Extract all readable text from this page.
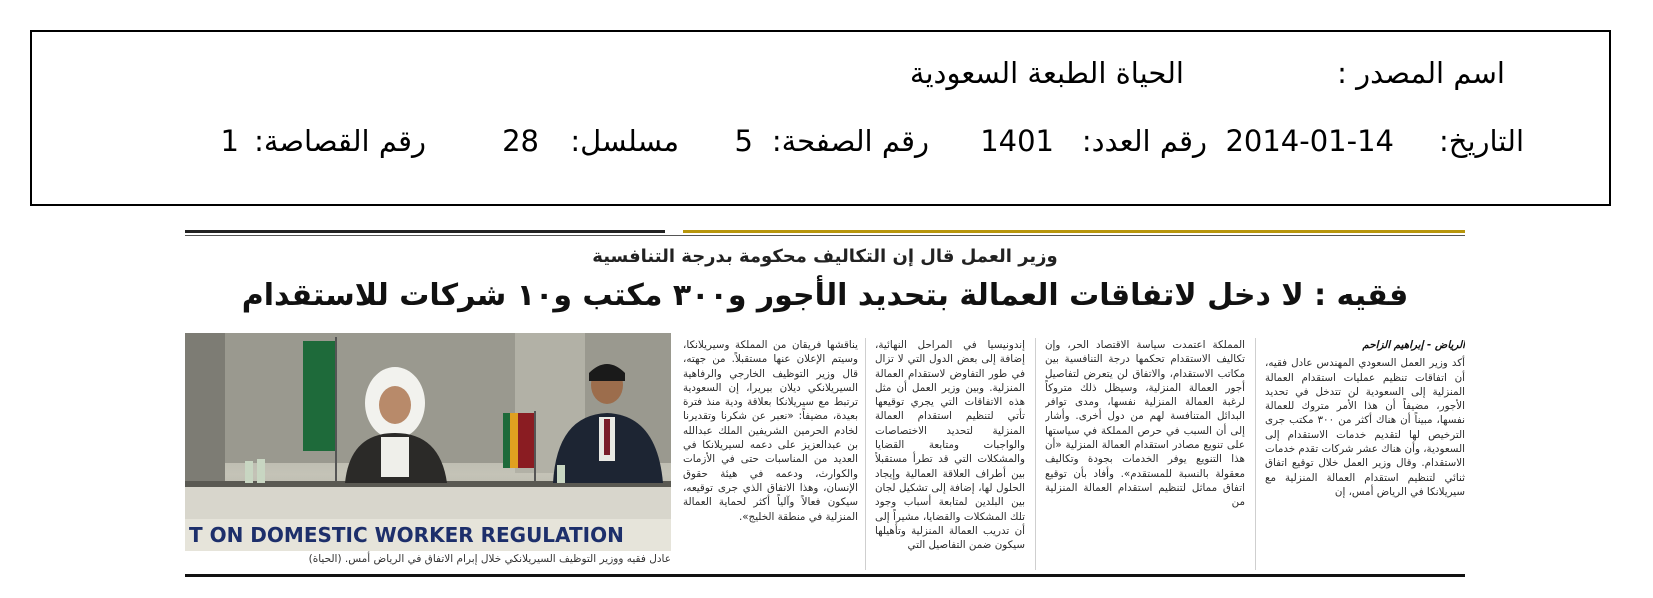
اسم المصدر :
الحياة الطبعة السعودية
التاريخ:
2014-01-14
رقم العدد:
1401
رقم الصفحة:
5
مسلسل:
28
رقم القصاصة:
1
وزير العمل قال إن التكاليف محكومة بدرجة التنافسية
فقيه : لا دخل لاتفاقات العمالة بتحديد الأجور و٣٠٠ مكتب و١٠ شركات للاستقدام

الرياض - إبراهيم الزاحم

أكد وزير العمل السعودي المهندس عادل فقيه، أن اتفاقات تنظيم عمليات استقدام العمالة المنزلية إلى السعودية لن تتدخل في تحديد الأجور، مضيفاً أن هذا الأمر متروك للعمالة نفسها، مبيناً أن هناك أكثر من ٣٠٠ مكتب جرى الترخيص لها لتقديم خدمات الاستقدام إلى السعودية، وأن هناك عشر شركات تقدم خدمات الاستقدام. وقال وزير العمل خلال توقيع اتفاق ثنائي لتنظيم استقدام العمالة المنزلية مع سيريلانكا في الرياض أمس، إن

المملكة اعتمدت سياسة الاقتصاد الحر، وإن تكاليف الاستقدام تحكمها درجة التنافسية بين مكاتب الاستقدام، والاتفاق لن يتعرض لتفاصيل أجور العمالة المنزلية، وسيظل ذلك متروكاً لرغبة العمالة المنزلية نفسها، ومدى توافر البدائل المتنافسة لهم من دول أخرى. وأشار إلى أن السبب في حرص المملكة في سياستها على تنويع مصادر استقدام العمالة المنزلية «أن هذا التنويع يوفر الخدمات بجودة وتكاليف معقولة بالنسبة للمستقدم». وأفاد بأن توقيع اتفاق مماثل لتنظيم استقدام العمالة المنزلية من

إندونيسيا في المراحل النهائية، إضافة إلى بعض الدول التي لا تزال في طور التفاوض لاستقدام العمالة المنزلية. وبين وزير العمل أن مثل هذه الاتفاقات التي يجري توقيعها تأتي لتنظيم استقدام العمالة المنزلية لتحديد الاختصاصات والواجبات ومتابعة القضايا والمشكلات التي قد تطرأ مستقبلاً بين أطراف العلاقة العمالية وإيجاد الحلول لها، إضافة إلى تشكيل لجان بين البلدين لمتابعة أسباب وجود تلك المشكلات والقضايا، مشيراً إلى أن تدريب العمالة المنزلية وتأهيلها سيكون ضمن التفاصيل التي

يناقشها فريقان من المملكة وسيريلانكا، وسيتم الإعلان عنها مستقبلاً. من جهته، قال وزير التوظيف الخارجي والرفاهية السيريلانكي ديلان بيريرا، إن السعودية ترتبط مع سيريلانكا بعلاقة ودية منذ فترة بعيدة، مضيفاً: «نعبر عن شكرنا وتقديرنا لخادم الحرمين الشريفين الملك عبدالله بن عبدالعزيز على دعمه لسيريلانكا في العديد من المناسبات حتى في الأزمات والكوارث، ودعمه في هيئة حقوق الإنسان، وهذا الاتفاق الذي جرى توقيعه، سيكون فعالاً وآلياً أكثر لحماية العمالة المنزلية في منطقة الخليج».

T ON DOMESTIC WORKER REGULATION
عادل فقيه ووزير التوظيف السيريلانكي خلال إبرام الاتفاق في الرياض أمس. (الحياة)
